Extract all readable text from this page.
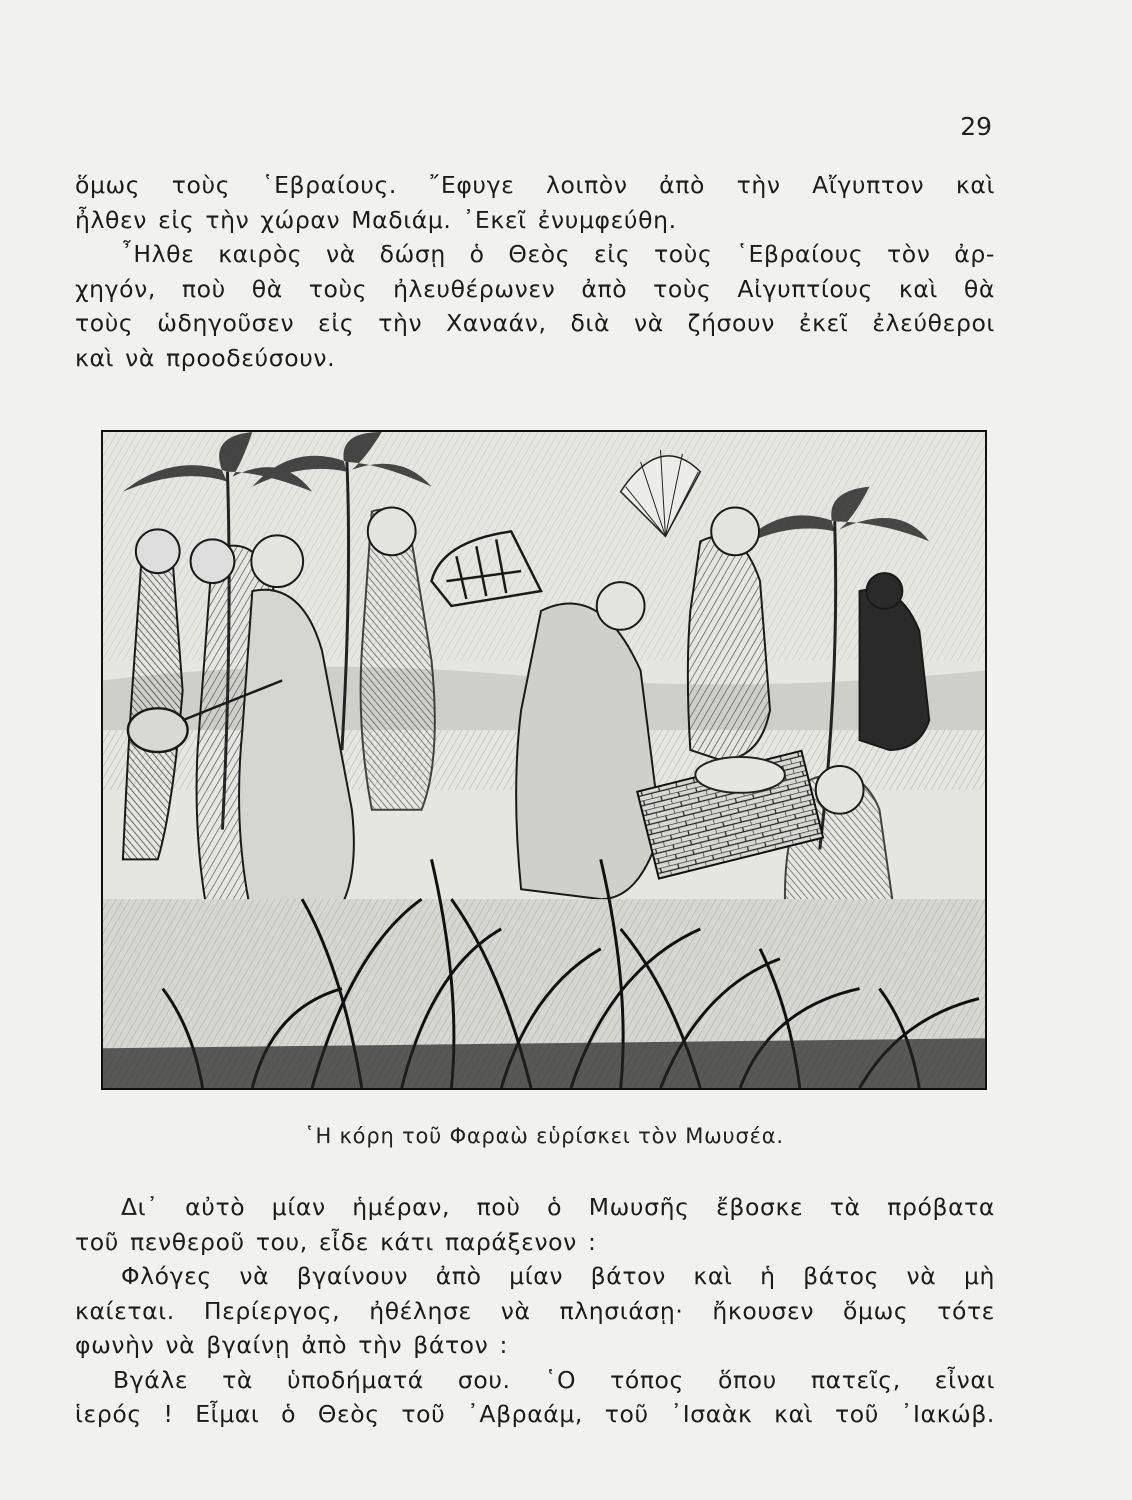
29
ὅμως τοὺς ῾Εβραίους. ῎Εφυγε λοιπὸν ἀπὸ τὴν Αἴγυπτον καὶ
ἦλθεν εἰς τὴν χώραν Μαδιάμ. ᾿Εκεῖ ἐνυμφεύθη.
῏Ηλθε καιρὸς νὰ δώσῃ ὁ Θεὸς εἰς τοὺς ῾Εβραίους τὸν ἀρ-
χηγόν, ποὺ θὰ τοὺς ἠλευθέρωνεν ἀπὸ τοὺς Αἰγυπτίους καὶ θὰ
τοὺς ὡδηγοῦσεν εἰς τὴν Χαναάν, διὰ νὰ ζήσουν ἐκεῖ ἐλεύθεροι
καὶ νὰ προοδεύσουν.
῾Η κόρη τοῦ Φαραὼ εὑρίσκει τὸν Μωυσέα.
Δι᾿ αὐτὸ μίαν ἡμέραν, ποὺ ὁ Μωυσῆς ἔβοσκε τὰ πρόβατα
τοῦ πενθεροῦ του, εἶδε κάτι παράξενον :
Φλόγες νὰ βγαίνουν ἀπὸ μίαν βάτον καὶ ἡ βάτος νὰ μὴ
καίεται. Περίεργος, ἠθέλησε νὰ πλησιάσῃ· ἤκουσεν ὅμως τότε
φωνὴν νὰ βγαίνῃ ἀπὸ τὴν βάτον :
Βγάλε τὰ ὑποδήματά σου. ῾Ο τόπος ὅπου πατεῖς, εἶναι
ἱερός ! Εἶμαι ὁ Θεὸς τοῦ ᾿Αβραάμ, τοῦ ᾿Ισαὰκ καὶ τοῦ ᾿Ιακώβ.
